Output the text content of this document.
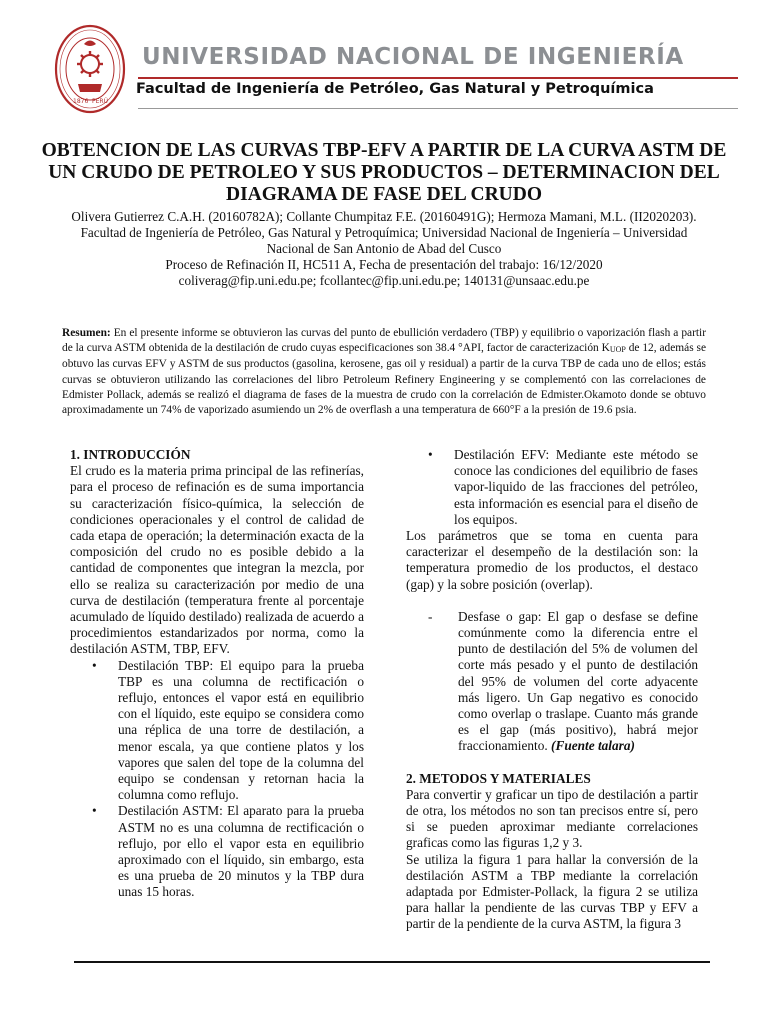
1876 PERÚ
UNIVERSIDAD NACIONAL DE INGENIERÍA
Facultad de Ingeniería de Petróleo, Gas Natural y Petroquímica
OBTENCION DE LAS CURVAS TBP-EFV A PARTIR DE LA CURVA ASTM DE UN CRUDO DE PETROLEO Y SUS PRODUCTOS – DETERMINACION DEL DIAGRAMA DE FASE DEL CRUDO

Olivera Gutierrez C.A.H. (20160782A); Collante Chumpitaz F.E. (20160491G); Hermoza Mamani, M.L. (II2020203).

Facultad de Ingeniería de Petróleo, Gas Natural y Petroquímica; Universidad Nacional de Ingeniería – Universidad Nacional de San Antonio de Abad del Cusco

Proceso de Refinación II, HC511 A, Fecha de presentación del trabajo: 16/12/2020

coliverag@fip.uni.edu.pe; fcollantec@fip.uni.edu.pe; 140131@unsaac.edu.pe

Resumen: En el presente informe se obtuvieron las curvas del punto de ebullición verdadero (TBP) y equilibrio o vaporización flash a partir de la curva ASTM obtenida de la destilación de crudo cuyas especificaciones son 38.4 °API, factor de caracterización KUOP de 12, además se obtuvo las curvas EFV y ASTM de sus productos (gasolina, kerosene, gas oil y residual) a partir de la curva TBP de cada uno de ellos; estás curvas se obtuvieron utilizando las correlaciones del libro Petroleum Refinery Engineering y se complementó con las correlaciones de Edmister Pollack, además se realizó el diagrama de fases de la muestra de crudo con la correlación de Edmister.Okamoto donde se obtuvo aproximadamente un 74% de vaporizado asumiendo un 2% de overflash a una temperatura de 660°F a la presión de 19.6 psia.

1. INTRODUCCIÓN

El crudo es la materia prima principal de las refinerías, para el proceso de refinación es de suma importancia su caracterización físico-química, la selección de condiciones operacionales y el control de calidad de cada etapa de operación; la determinación exacta de la composición del crudo no es posible debido a la cantidad de componentes que integran la mezcla, por ello se realiza su caracterización por medio de una curva de destilación (temperatura frente al porcentaje acumulado de líquido destilado) realizada de acuerdo a procedimientos estandarizados por norma, como la destilación ASTM, TBP, EFV.

• Destilación TBP: El equipo para la prueba TBP es una columna de rectificación o reflujo, entonces el vapor está en equilibrio con el líquido, este equipo se considera como una réplica de una torre de destilación, a menor escala, ya que contiene platos y los vapores que salen del tope de la columna del equipo se condensan y retornan hacia la columna como reflujo.
• Destilación ASTM: El aparato para la prueba ASTM no es una columna de rectificación o reflujo, por ello el vapor esta en equilibrio aproximado con el líquido, sin embargo, esta es una prueba de 20 minutos y la TBP dura unas 15 horas.
• Destilación EFV: Mediante este método se conoce las condiciones del equilibrio de fases vapor-liquido de las fracciones del petróleo, esta información es esencial para el diseño de los equipos.

Los parámetros que se toma en cuenta para caracterizar el desempeño de la destilación son: la temperatura promedio de los productos, el destaco (gap) y la sobre posición (overlap).

- Desfase o gap: El gap o desfase se define comúnmente como la diferencia entre el punto de destilación del 5% de volumen del corte más pesado y el punto de destilación del 95% de volumen del corte adyacente más ligero. Un Gap negativo es conocido como overlap o traslape. Cuanto más grande es el gap (más positivo), habrá mejor fraccionamiento. (Fuente talara)
2. METODOS Y MATERIALES

Para convertir y graficar un tipo de destilación a partir de otra, los métodos no son tan precisos entre sí, pero si se pueden aproximar mediante correlaciones graficas como las figuras 1,2 y 3.

Se utiliza la figura 1 para hallar la conversión de la destilación ASTM a TBP mediante la correlación adaptada por Edmister-Pollack, la figura 2 se utiliza para hallar la pendiente de las curvas TBP y EFV a partir de la pendiente de la curva ASTM, la figura 3
